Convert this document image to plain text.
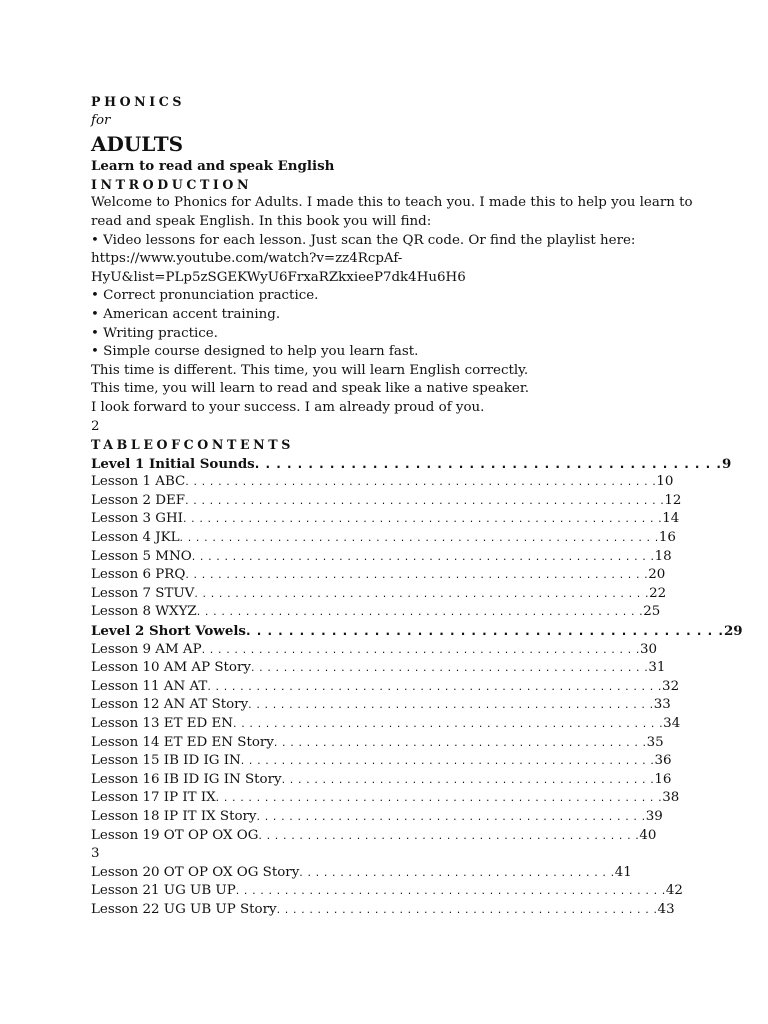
PHONICS
for
ADULTS
Learn to read and speak English
INTRODUCTION
Welcome to Phonics for Adults. I made this to teach you. I made this to help you learn to
read and speak English. In this book you will find:
• Video lessons for each lesson. Just scan the QR code. Or find the playlist here:
https://www.youtube.com/watch?v=zz4RcpAf-
HyU&list=PLp5zSGEKWyU6FrxaRZkxieeP7dk4Hu6H6
• Correct pronunciation practice.
• American accent training.
• Writing practice.
• Simple course designed to help you learn fast.
This time is different. This time, you will learn English correctly.
This time, you will learn to read and speak like a native speaker.
I look forward to your success. I am already proud of you.
2
TABLEOFCONTENTS
Level 1 Initial Sounds . . . . . . . . . . . . . . . . . . . . . . . . . . . . . . . . . . . . . . . . . . . . 9
Lesson 1 ABC . . . . . . . . . . . . . . . . . . . . . . . . . . . . . . . . . . . . . . . . . . . . . . . . . . . . . . . . . . 10
Lesson 2 DEF . . . . . . . . . . . . . . . . . . . . . . . . . . . . . . . . . . . . . . . . . . . . . . . . . . . . . . . . . . . 12
Lesson 3 GHI . . . . . . . . . . . . . . . . . . . . . . . . . . . . . . . . . . . . . . . . . . . . . . . . . . . . . . . . . . . 14
Lesson 4 JKL . . . . . . . . . . . . . . . . . . . . . . . . . . . . . . . . . . . . . . . . . . . . . . . . . . . . . . . . . . . 16
Lesson 5 MNO . . . . . . . . . . . . . . . . . . . . . . . . . . . . . . . . . . . . . . . . . . . . . . . . . . . . . . . . . 18
Lesson 6 PRQ . . . . . . . . . . . . . . . . . . . . . . . . . . . . . . . . . . . . . . . . . . . . . . . . . . . . . . . . . 20
Lesson 7 STUV . . . . . . . . . . . . . . . . . . . . . . . . . . . . . . . . . . . . . . . . . . . . . . . . . . . . . . . . 22
Lesson 8 WXYZ . . . . . . . . . . . . . . . . . . . . . . . . . . . . . . . . . . . . . . . . . . . . . . . . . . . . . . . 25
Level 2 Short Vowels . . . . . . . . . . . . . . . . . . . . . . . . . . . . . . . . . . . . . . . . . . . . . 29
Lesson 9 AM AP . . . . . . . . . . . . . . . . . . . . . . . . . . . . . . . . . . . . . . . . . . . . . . . . . . . . . . 30
Lesson 10 AM AP Story . . . . . . . . . . . . . . . . . . . . . . . . . . . . . . . . . . . . . . . . . . . . . . . . . 31
Lesson 11 AN AT . . . . . . . . . . . . . . . . . . . . . . . . . . . . . . . . . . . . . . . . . . . . . . . . . . . . . . . . 32
Lesson 12 AN AT Story . . . . . . . . . . . . . . . . . . . . . . . . . . . . . . . . . . . . . . . . . . . . . . . . . . 33
Lesson 13 ET ED EN . . . . . . . . . . . . . . . . . . . . . . . . . . . . . . . . . . . . . . . . . . . . . . . . . . . . . 34
Lesson 14 ET ED EN Story . . . . . . . . . . . . . . . . . . . . . . . . . . . . . . . . . . . . . . . . . . . . . . 35
Lesson 15 IB ID IG IN . . . . . . . . . . . . . . . . . . . . . . . . . . . . . . . . . . . . . . . . . . . . . . . . . . . 36
Lesson 16 IB ID IG IN Story . . . . . . . . . . . . . . . . . . . . . . . . . . . . . . . . . . . . . . . . . . . . . . 16
Lesson 17 IP IT IX . . . . . . . . . . . . . . . . . . . . . . . . . . . . . . . . . . . . . . . . . . . . . . . . . . . . . . . 38
Lesson 18 IP IT IX Story . . . . . . . . . . . . . . . . . . . . . . . . . . . . . . . . . . . . . . . . . . . . . . . . 39
Lesson 19 OT OP OX OG . . . . . . . . . . . . . . . . . . . . . . . . . . . . . . . . . . . . . . . . . . . . . . . 40
3
Lesson 20 OT OP OX OG Story . . . . . . . . . . . . . . . . . . . . . . . . . . . . . . . . . . . . . . . 41
Lesson 21 UG UB UP . . . . . . . . . . . . . . . . . . . . . . . . . . . . . . . . . . . . . . . . . . . . . . . . . . . . . 42
Lesson 22 UG UB UP Story . . . . . . . . . . . . . . . . . . . . . . . . . . . . . . . . . . . . . . . . . . . . . . . 43
